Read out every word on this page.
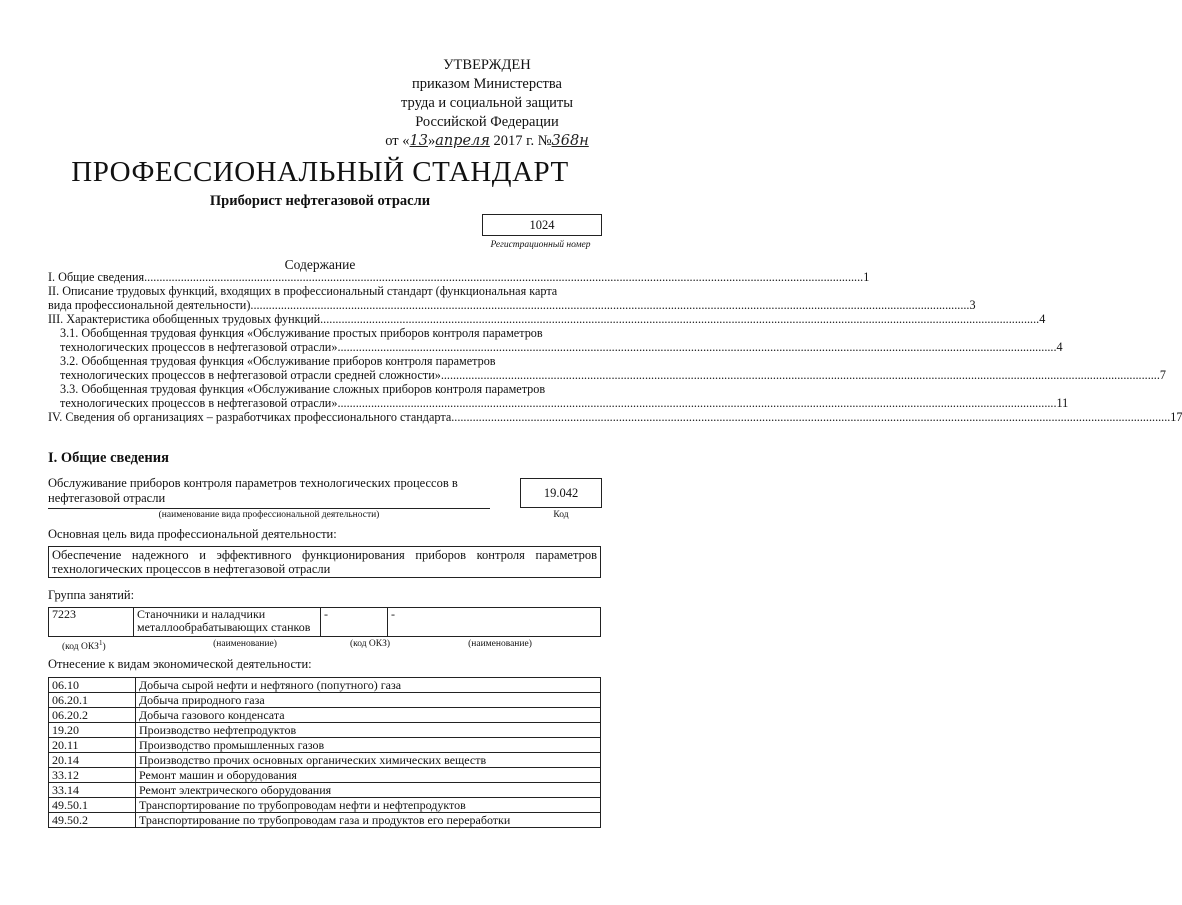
УТВЕРЖДЕН
приказом Министерства
труда и социальной защиты
Российской Федерации
от «13»апреля 2017 г. №368н
ПРОФЕССИОНАЛЬНЫЙ СТАНДАРТ
Приборист нефтегазовой отрасли
1024
Регистрационный номер
Содержание
I. Общие сведения .....	1
II. Описание трудовых функций, входящих в профессиональный стандарт (функциональная карта
вида профессиональной деятельности) .....	3
III. Характеристика обобщенных трудовых функций .....	4
3.1. Обобщенная трудовая функция «Обслуживание простых приборов контроля параметров
технологических процессов в нефтегазовой отрасли» .....	4
3.2. Обобщенная трудовая функция «Обслуживание приборов контроля параметров
технологических процессов в нефтегазовой отрасли средней сложности» .....	7
3.3. Обобщенная трудовая функция «Обслуживание сложных приборов контроля параметров
технологических процессов в нефтегазовой отрасли» .....	11
IV. Сведения об организациях – разработчиках профессионального стандарта .....	17
I. Общие сведения
Обслуживание приборов контроля параметров технологических процессов в нефтегазовой отрасли
(наименование вида профессиональной деятельности)
19.042
Код
Основная цель вида профессиональной деятельности:
Обеспечение надежного и эффективного функционирования приборов контроля параметров технологических процессов в нефтегазовой отрасли
Группа занятий:
7223	Станочники и наладчики металлообрабатывающих станков	-	-
(код ОКЗ$^1$)	(наименование)	(код ОКЗ)	(наименование)
Отнесение к видам экономической деятельности:
06.10	Добыча сырой нефти и нефтяного (попутного) газа
06.20.1	Добыча природного газа
06.20.2	Добыча газового конденсата
19.20	Производство нефтепродуктов
20.11	Производство промышленных газов
20.14	Производство прочих основных органических химических веществ
33.12	Ремонт машин и оборудования
33.14	Ремонт электрического оборудования
49.50.1	Транспортирование по трубопроводам нефти и нефтепродуктов
49.50.2	Транспортирование по трубопроводам газа и продуктов его переработки
